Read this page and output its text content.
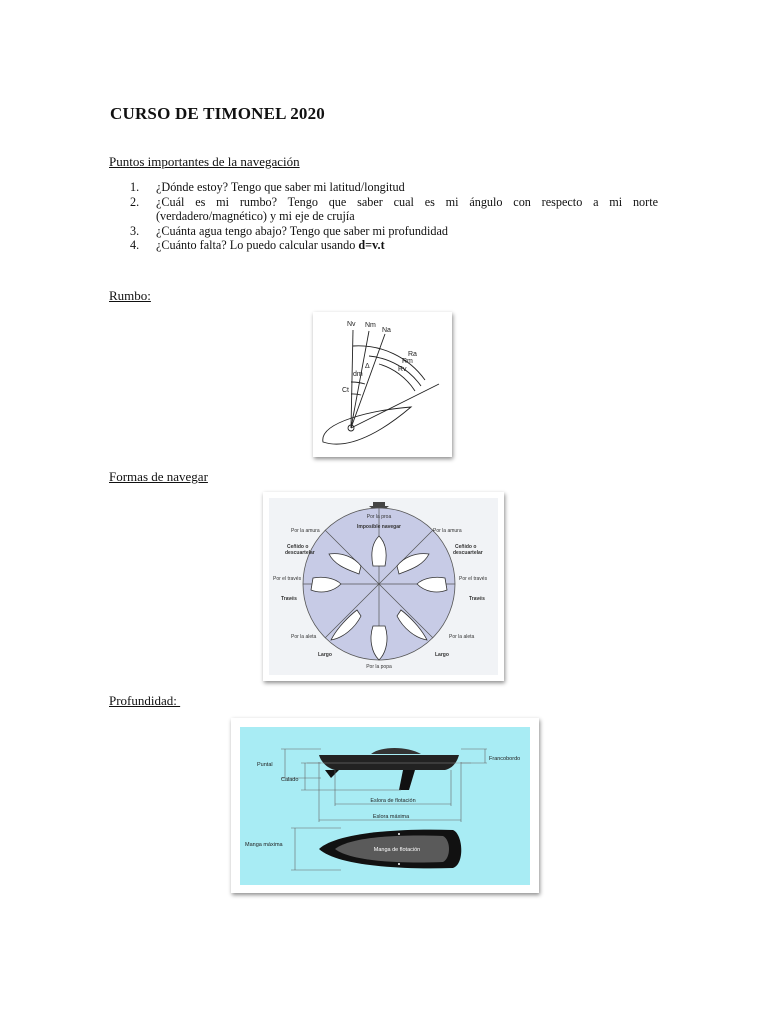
CURSO DE TIMONEL 2020
Puntos importantes de la navegación
1.	¿Dónde estoy? Tengo que saber mi latitud/longitud
2.	¿Cuál es mi rumbo? Tengo que saber cual es mi ángulo con respecto a mi norte
(verdadero/magnético) y mi eje de crujía
3.	¿Cuánta agua tengo abajo? Tengo que saber mi profundidad
4.	¿Cuánto falta? Lo puedo calcular usando d=v.t
Rumbo:
Nv Nm
Na
Ra
Rm
Rv
dm
Ct
Δ
Formas de navegar
Por la proa
Imposible navegar
Por la amura	Por la amura
Ceñido o
descuartelar
Ceñido o
descuartelar
Por el través	Por el través
Través	Través
Por la aleta	Por la aleta
Largo	Largo
Por la popa
Profundidad:
Puntal
Calado
Francobordo
Eslora de flotación
Eslora máxima
Manga máxima
Manga de flotación
